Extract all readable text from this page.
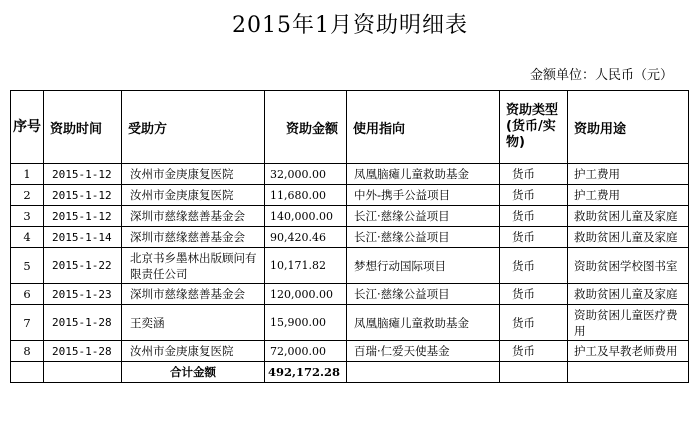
2015年1月资助明细表
金额单位：人民币（元）
序号	资助时间	受助方	资助金额	使用指向	资助类型(货币/实物)	资助用途
1	2015-1-12	汝州市金庚康复医院	32,000.00	凤凰脑瘫儿童救助基金	货币	护工费用
2	2015-1-12	汝州市金庚康复医院	11,680.00	中外-携手公益项目	货币	护工费用
3	2015-1-12	深圳市慈缘慈善基金会	140,000.00	长江·慈缘公益项目	货币	救助贫困儿童及家庭
4	2015-1-14	深圳市慈缘慈善基金会	90,420.46	长江·慈缘公益项目	货币	救助贫困儿童及家庭
5	2015-1-22	北京书乡墨林出版顾问有限责任公司	10,171.82	梦想行动国际项目	货币	资助贫困学校图书室
6	2015-1-23	深圳市慈缘慈善基金会	120,000.00	长江·慈缘公益项目	货币	救助贫困儿童及家庭
7	2015-1-28	王奕涵	15,900.00	凤凰脑瘫儿童救助基金	货币	资助贫困儿童医疗费用
8	2015-1-28	汝州市金庚康复医院	72,000.00	百瑞·仁爱天使基金	货币	护工及早教老师费用
		合计金额	492,172.28			
